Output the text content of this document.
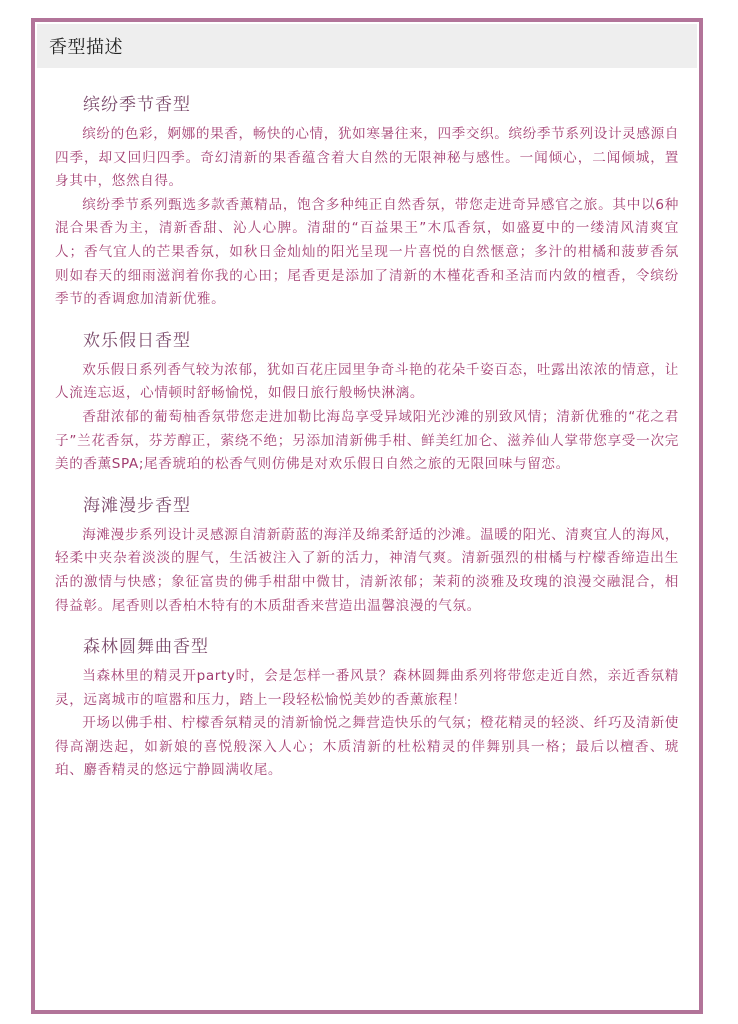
香型描述
缤纷季节香型

缤纷的色彩，婀娜的果香，畅快的心情，犹如寒暑往来，四季交织。缤纷季节系列设计灵感源自四季，却又回归四季。奇幻清新的果香蕴含着大自然的无限神秘与感性。一闻倾心，二闻倾城，置身其中，悠然自得。

缤纷季节系列甄选多款香薰精品，饱含多种纯正自然香氛，带您走进奇异感官之旅。其中以6种混合果香为主，清新香甜、沁人心脾。清甜的“百益果王”木瓜香氛，如盛夏中的一缕清风清爽宜人；香气宜人的芒果香氛，如秋日金灿灿的阳光呈现一片喜悦的自然惬意；多汁的柑橘和菠萝香氛则如春天的细雨滋润着你我的心田；尾香更是添加了清新的木槿花香和圣洁而内敛的檀香，令缤纷季节的香调愈加清新优雅。

欢乐假日香型

欢乐假日系列香气较为浓郁，犹如百花庄园里争奇斗艳的花朵千姿百态，吐露出浓浓的情意，让人流连忘返，心情顿时舒畅愉悦，如假日旅行般畅快淋漓。

香甜浓郁的葡萄柚香氛带您走进加勒比海岛享受异域阳光沙滩的别致风情；清新优雅的“花之君子”兰花香氛，芬芳醇正，萦绕不绝；另添加清新佛手柑、鲜美红加仑、滋养仙人掌带您享受一次完美的香薰SPA;尾香琥珀的松香气则仿佛是对欢乐假日自然之旅的无限回味与留恋。

海滩漫步香型

海滩漫步系列设计灵感源自清新蔚蓝的海洋及绵柔舒适的沙滩。温暖的阳光、清爽宜人的海风，轻柔中夹杂着淡淡的腥气，生活被注入了新的活力，神清气爽。清新强烈的柑橘与柠檬香缔造出生活的激情与快感；象征富贵的佛手柑甜中微甘，清新浓郁；茉莉的淡雅及玫瑰的浪漫交融混合，相得益彰。尾香则以香柏木特有的木质甜香来营造出温馨浪漫的气氛。

森林圆舞曲香型

当森林里的精灵开party时，会是怎样一番风景？森林圆舞曲系列将带您走近自然，亲近香氛精灵，远离城市的喧嚣和压力，踏上一段轻松愉悦美妙的香薰旅程！

开场以佛手柑、柠檬香氛精灵的清新愉悦之舞营造快乐的气氛；橙花精灵的轻淡、纤巧及清新使得高潮迭起，如新娘的喜悦般深入人心；木质清新的杜松精灵的伴舞别具一格；最后以檀香、琥珀、麝香精灵的悠远宁静圆满收尾。
